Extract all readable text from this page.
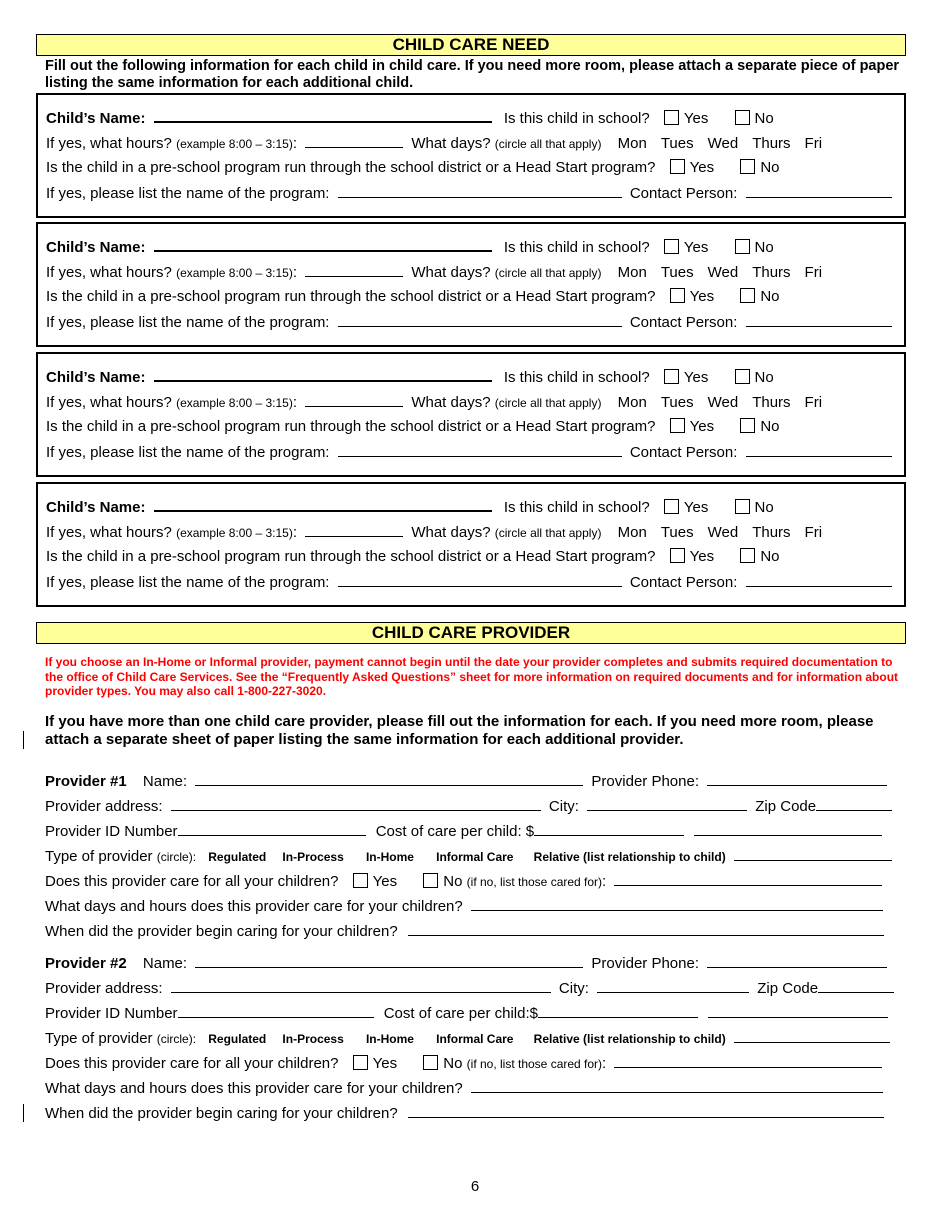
CHILD CARE NEED
Fill out the following information for each child in child care. If you need more room, please attach a separate piece of paper listing the same information for each additional child.
Child’s Name:	Is this child in school? Yes	No
If yes, what hours? (example 8:00 – 3:15):	What days? (circle all that apply) Mon Tues Wed Thurs Fri
Is the child in a pre-school program run through the school district or a Head Start program? Yes	No
If yes, please list the name of the program:	Contact Person:
Child’s Name:	Is this child in school? Yes	No
If yes, what hours? (example 8:00 – 3:15):	What days? (circle all that apply) Mon Tues Wed Thurs Fri
Is the child in a pre-school program run through the school district or a Head Start program? Yes	No
If yes, please list the name of the program:	Contact Person:
Child’s Name:	Is this child in school? Yes	No
If yes, what hours? (example 8:00 – 3:15):	What days? (circle all that apply) Mon Tues Wed Thurs Fri
Is the child in a pre-school program run through the school district or a Head Start program? Yes	No
If yes, please list the name of the program:	Contact Person:
Child’s Name:	Is this child in school? Yes	No
If yes, what hours? (example 8:00 – 3:15):	What days? (circle all that apply) Mon Tues Wed Thurs Fri
Is the child in a pre-school program run through the school district or a Head Start program? Yes	No
If yes, please list the name of the program:	Contact Person:
CHILD CARE PROVIDER
If you choose an In-Home or Informal provider, payment cannot begin until the date your provider completes and submits required documentation to the office of Child Care Services. See the “Frequently Asked Questions” sheet for more information on required documents and for information about provider types. You may also call 1-800-227-3020.
If you have more than one child care provider, please fill out the information for each. If you need more room, please attach a separate sheet of paper listing the same information for each additional provider.
Provider #1 Name:	Provider Phone:
Provider address:	City:	Zip Code
Provider ID Number	Cost of care per child: $
Type of provider (circle): Regulated In-Process In-Home Informal Care Relative (list relationship to child)
Does this provider care for all your children? Yes	No (if no, list those cared for):
What days and hours does this provider care for your children?
When did the provider begin caring for your children?
Provider #2 Name:	Provider Phone:
Provider address:	City:	Zip Code
Provider ID Number	Cost of care per child:$
Type of provider (circle): Regulated In-Process In-Home Informal Care Relative (list relationship to child)
Does this provider care for all your children? Yes	No (if no, list those cared for):
What days and hours does this provider care for your children?
When did the provider begin caring for your children?
6
